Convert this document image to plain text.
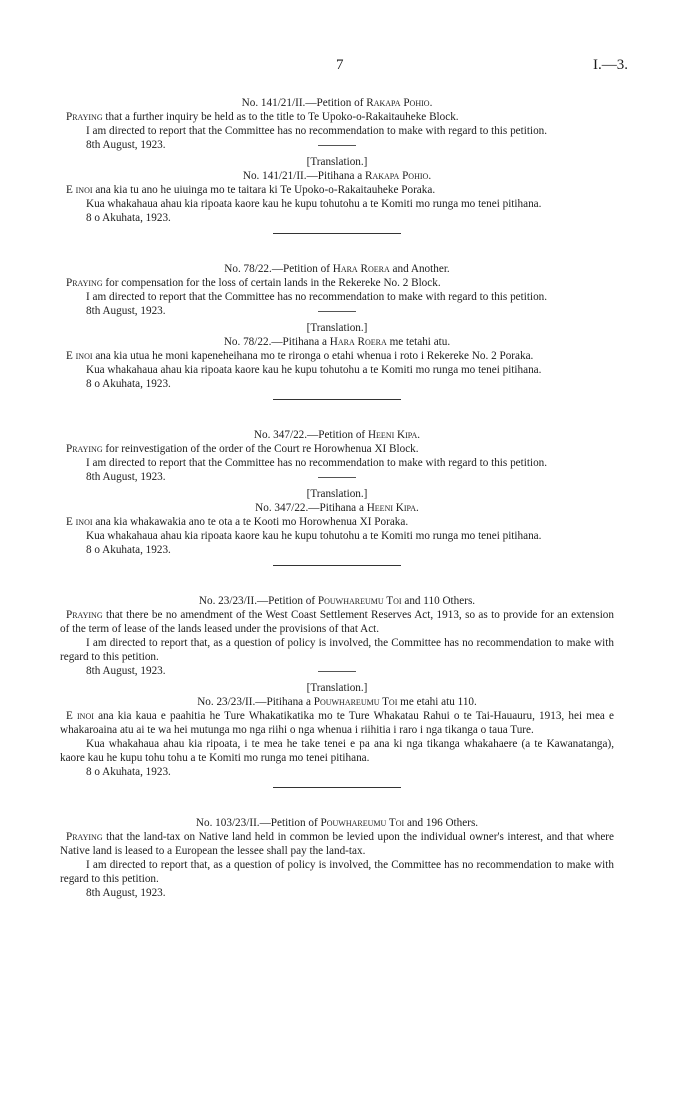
7	I.—3.

No. 141/21/II.—Petition of Rakapa Pohio.

Praying that a further inquiry be held as to the title to Te Upoko-o-Rakaitauheke Block.

I am directed to report that the Committee has no recommendation to make with regard to this petition.

8th August, 1923.

[Translation.]

No. 141/21/II.—Pitihana a Rakapa Pohio.

E inoi ana kia tu ano he uiuinga mo te taitara ki Te Upoko-o-Rakaitauheke Poraka.

Kua whakahaua ahau kia ripoata kaore kau he kupu tohutohu a te Komiti mo runga mo tenei pitihana.

8 o Akuhata, 1923.

No. 78/22.—Petition of Hara Roera and Another.

Praying for compensation for the loss of certain lands in the Rekereke No. 2 Block.

I am directed to report that the Committee has no recommendation to make with regard to this petition.

8th August, 1923.

[Translation.]

No. 78/22.—Pitihana a Hara Roera me tetahi atu.

E inoi ana kia utua he moni kapeneheihana mo te rironga o etahi whenua i roto i Rekereke No. 2 Poraka.

Kua whakahaua ahau kia ripoata kaore kau he kupu tohutohu a te Komiti mo runga mo tenei pitihana.

8 o Akuhata, 1923.

No. 347/22.—Petition of Heeni Kipa.

Praying for reinvestigation of the order of the Court re Horowhenua XI Block.

I am directed to report that the Committee has no recommendation to make with regard to this petition.

8th August, 1923.

[Translation.]

No. 347/22.—Pitihana a Heeni Kipa.

E inoi ana kia whakawakia ano te ota a te Kooti mo Horowhenua XI Poraka.

Kua whakahaua ahau kia ripoata kaore kau he kupu tohutohu a te Komiti mo runga mo tenei pitihana.

8 o Akuhata, 1923.

No. 23/23/II.—Petition of Pouwhareumu Toi and 110 Others.

Praying that there be no amendment of the West Coast Settlement Reserves Act, 1913, so as to provide for an extension of the term of lease of the lands leased under the provisions of that Act.

I am directed to report that, as a question of policy is involved, the Committee has no recommendation to make with regard to this petition.

8th August, 1923.

[Translation.]

No. 23/23/II.—Pitihana a Pouwhareumu Toi me etahi atu 110.

E inoi ana kia kaua e paahitia he Ture Whakatikatika mo te Ture Whakatau Rahui o te Tai-Hauauru, 1913, hei mea e whakaroaina atu ai te wa hei mutunga mo nga riihi o nga whenua i riihitia i raro i nga tikanga o taua Ture.

Kua whakahaua ahau kia ripoata, i te mea he take tenei e pa ana ki nga tikanga whakahaere (a te Kawanatanga), kaore kau he kupu tohu tohu a te Komiti mo runga mo tenei pitihana.

8 o Akuhata, 1923.

No. 103/23/II.—Petition of Pouwhareumu Toi and 196 Others.

Praying that the land-tax on Native land held in common be levied upon the individual owner's interest, and that where Native land is leased to a European the lessee shall pay the land-tax.

I am directed to report that, as a question of policy is involved, the Committee has no recommendation to make with regard to this petition.

8th August, 1923.
